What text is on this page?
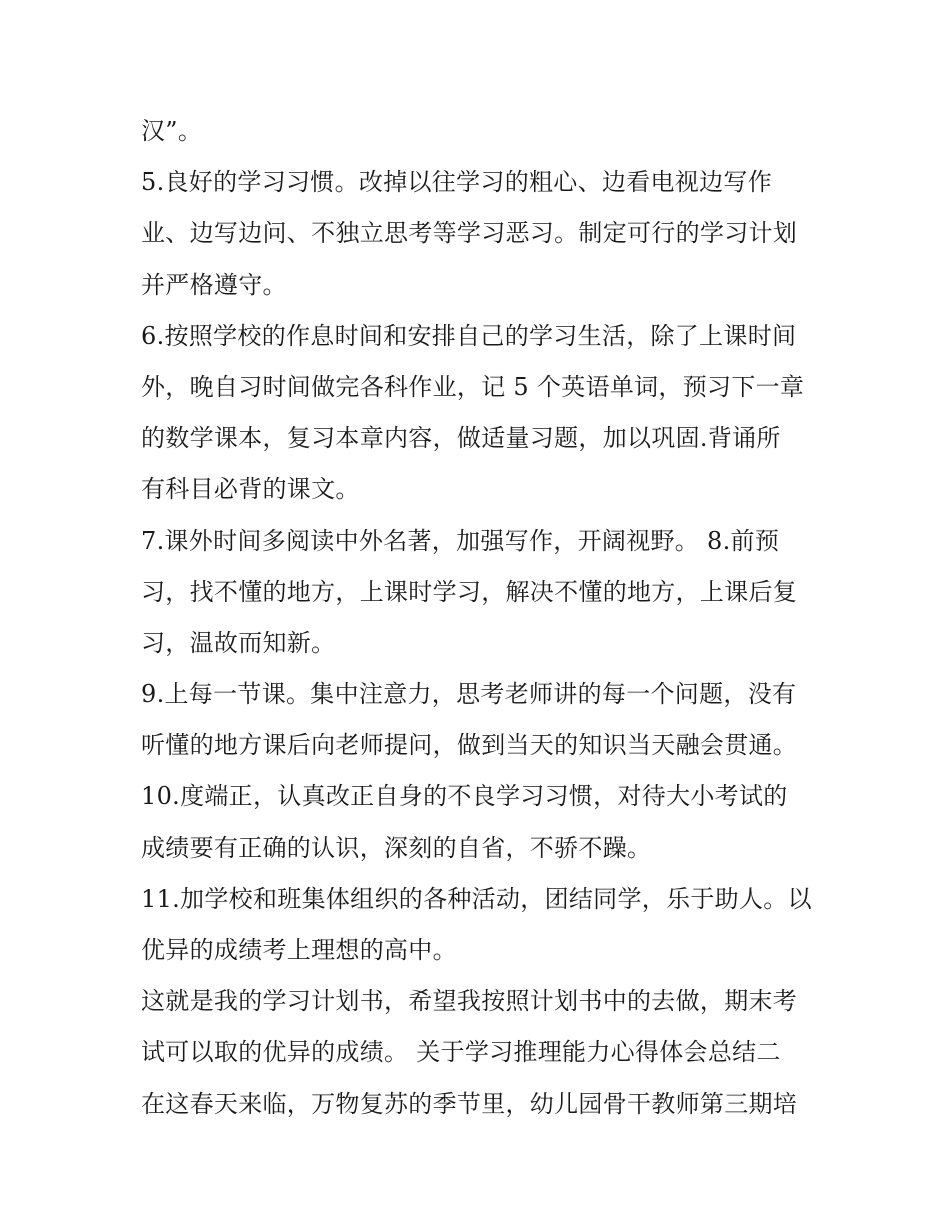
汉”。
5.良好的学习习惯。改掉以往学习的粗心、边看电视边写作
业、边写边问、不独立思考等学习恶习。制定可行的学习计划
并严格遵守。
6.按照学校的作息时间和安排自己的学习生活，除了上课时间
外，晚自习时间做完各科作业，记 5 个英语单词，预习下一章
的数学课本，复习本章内容，做适量习题，加以巩固.背诵所
有科目必背的课文。
7.课外时间多阅读中外名著，加强写作，开阔视野。 8.前预
习，找不懂的地方，上课时学习，解决不懂的地方，上课后复
习，温故而知新。
9.上每一节课。集中注意力，思考老师讲的每一个问题，没有
听懂的地方课后向老师提问，做到当天的知识当天融会贯通。
10.度端正，认真改正自身的不良学习习惯，对待大小考试的
成绩要有正确的认识，深刻的自省，不骄不躁。
11.加学校和班集体组织的各种活动，团结同学，乐于助人。以
优异的成绩考上理想的高中。
这就是我的学习计划书，希望我按照计划书中的去做，期末考
试可以取的优异的成绩。 关于学习推理能力心得体会总结二
在这春天来临，万物复苏的季节里，幼儿园骨干教师第三期培
